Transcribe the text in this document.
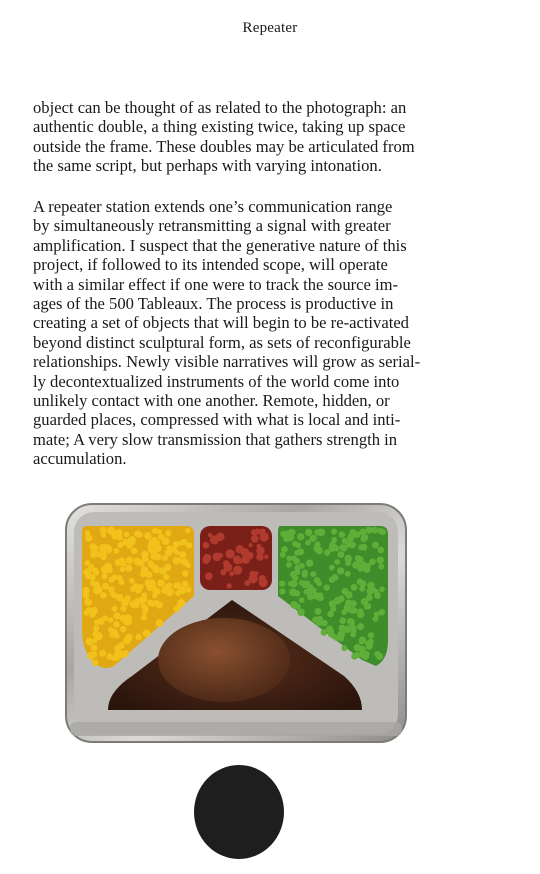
Repeater

object can be thought of as related to the photograph: an
authentic double, a thing existing twice, taking up space
outside the frame. These doubles may be articulated from
the same script, but perhaps with varying intonation.

A repeater station extends one’s communication range
by simultaneously retransmitting a signal with greater
amplification. I suspect that the generative nature of this
project, if followed to its intended scope, will operate
with a similar effect if one were to track the source im-
ages of the 500 Tableaux. The process is productive in
creating a set of objects that will begin to be re-activated
beyond distinct sculptural form, as sets of reconfigurable
relationships. Newly visible narratives will grow as serial-
ly decontextualized instruments of the world come into
unlikely contact with one another. Remote, hidden, or
guarded places, compressed with what is local and inti-
mate; A very slow transmission that gathers strength in
accumulation.
